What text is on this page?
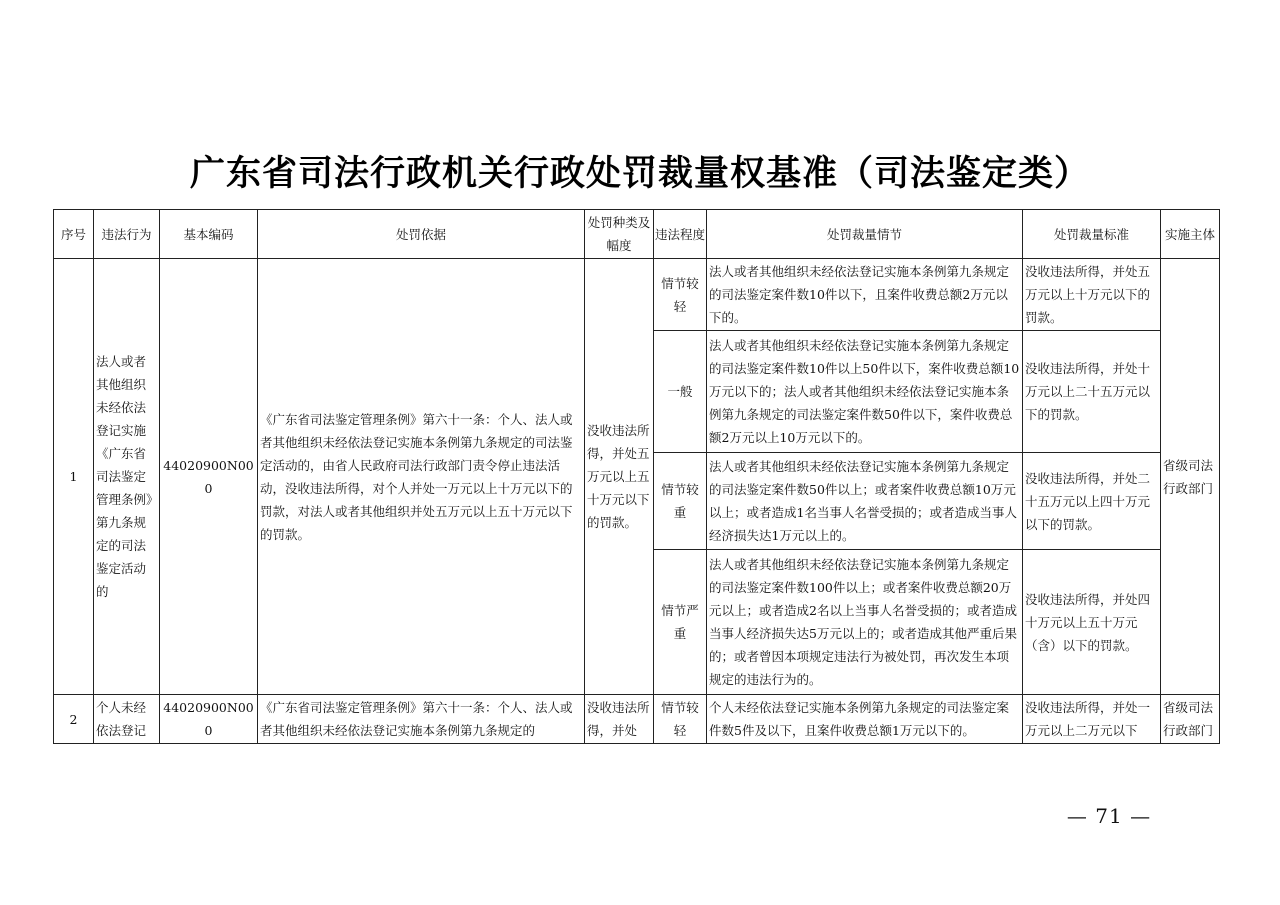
广东省司法行政机关行政处罚裁量权基准（司法鉴定类）
序号	违法行为	基本编码	处罚依据	处罚种类及幅度	违法程度	处罚裁量情节	处罚裁量标准	实施主体
1	法人或者其他组织未经依法登记实施《广东省司法鉴定管理条例》第九条规定的司法鉴定活动的	44020900N000	《广东省司法鉴定管理条例》第六十一条：个人、法人或者其他组织未经依法登记实施本条例第九条规定的司法鉴定活动的，由省人民政府司法行政部门责令停止违法活动，没收违法所得，对个人并处一万元以上十万元以下的罚款，对法人或者其他组织并处五万元以上五十万元以下的罚款。	没收违法所得，并处五万元以上五十万元以下的罚款。	情节较轻	法人或者其他组织未经依法登记实施本条例第九条规定的司法鉴定案件数10件以下，且案件收费总额2万元以下的。	没收违法所得，并处五万元以上十万元以下的罚款。	省级司法行政部门
					一般	法人或者其他组织未经依法登记实施本条例第九条规定的司法鉴定案件数10件以上50件以下，案件收费总额10万元以下的；法人或者其他组织未经依法登记实施本条例第九条规定的司法鉴定案件数50件以下，案件收费总额2万元以上10万元以下的。	没收违法所得，并处十万元以上二十五万元以下的罚款。	
					情节较重	法人或者其他组织未经依法登记实施本条例第九条规定的司法鉴定案件数50件以上；或者案件收费总额10万元以上；或者造成1名当事人名誉受损的；或者造成当事人经济损失达1万元以上的。	没收违法所得，并处二十五万元以上四十万元以下的罚款。	
					情节严重	法人或者其他组织未经依法登记实施本条例第九条规定的司法鉴定案件数100件以上；或者案件收费总额20万元以上；或者造成2名以上当事人名誉受损的；或者造成当事人经济损失达5万元以上的；或者造成其他严重后果的；或者曾因本项规定违法行为被处罚，再次发生本项规定的违法行为的。	没收违法所得，并处四十万元以上五十万元（含）以下的罚款。	
2	个人未经依法登记	44020900N000	《广东省司法鉴定管理条例》第六十一条：个人、法人或者其他组织未经依法登记实施本条例第九条规定的	没收违法所得，并处	情节较轻	个人未经依法登记实施本条例第九条规定的司法鉴定案件数5件及以下，且案件收费总额1万元以下的。	没收违法所得，并处一万元以上二万元以下	省级司法行政部门
— 71 —
